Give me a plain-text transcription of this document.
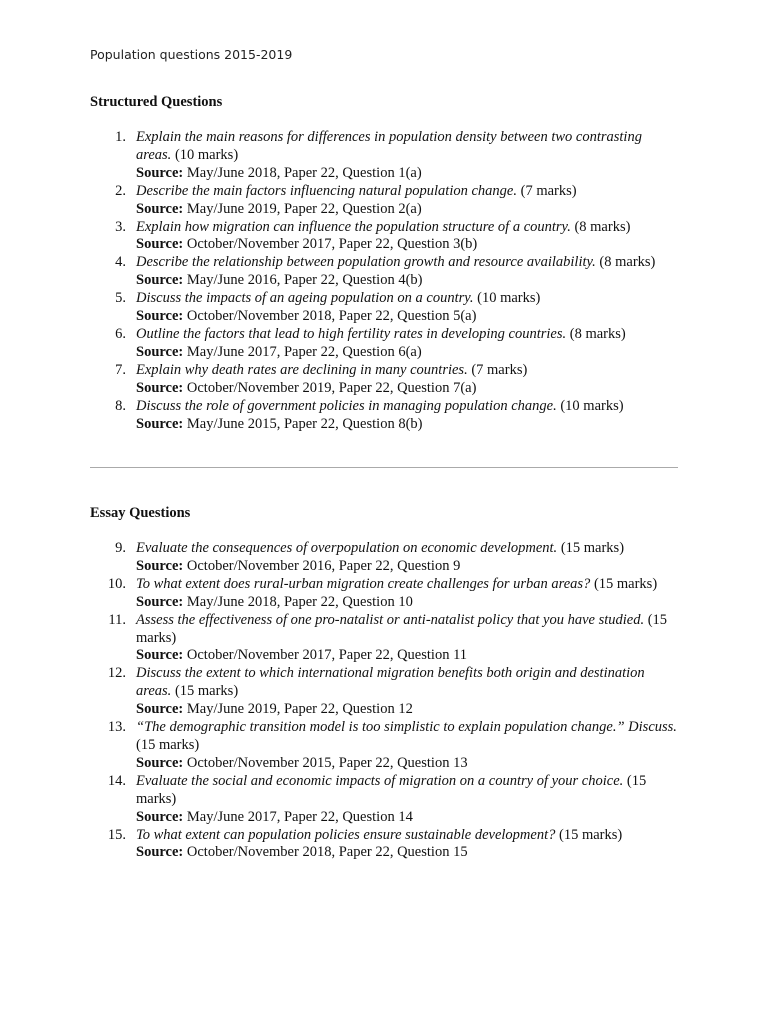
Population questions 2015-2019
Structured Questions
1. Explain the main reasons for differences in population density between two contrasting areas. (10 marks)
Source: May/June 2018, Paper 22, Question 1(a)
2. Describe the main factors influencing natural population change. (7 marks)
Source: May/June 2019, Paper 22, Question 2(a)
3. Explain how migration can influence the population structure of a country. (8 marks)
Source: October/November 2017, Paper 22, Question 3(b)
4. Describe the relationship between population growth and resource availability. (8 marks)
Source: May/June 2016, Paper 22, Question 4(b)
5. Discuss the impacts of an ageing population on a country. (10 marks)
Source: October/November 2018, Paper 22, Question 5(a)
6. Outline the factors that lead to high fertility rates in developing countries. (8 marks)
Source: May/June 2017, Paper 22, Question 6(a)
7. Explain why death rates are declining in many countries. (7 marks)
Source: October/November 2019, Paper 22, Question 7(a)
8. Discuss the role of government policies in managing population change. (10 marks)
Source: May/June 2015, Paper 22, Question 8(b)
Essay Questions
9. Evaluate the consequences of overpopulation on economic development. (15 marks)
Source: October/November 2016, Paper 22, Question 9
10. To what extent does rural-urban migration create challenges for urban areas? (15 marks)
Source: May/June 2018, Paper 22, Question 10
11. Assess the effectiveness of one pro-natalist or anti-natalist policy that you have studied. (15 marks)
Source: October/November 2017, Paper 22, Question 11
12. Discuss the extent to which international migration benefits both origin and destination areas. (15 marks)
Source: May/June 2019, Paper 22, Question 12
13. “The demographic transition model is too simplistic to explain population change.” Discuss. (15 marks)
Source: October/November 2015, Paper 22, Question 13
14. Evaluate the social and economic impacts of migration on a country of your choice. (15 marks)
Source: May/June 2017, Paper 22, Question 14
15. To what extent can population policies ensure sustainable development? (15 marks)
Source: October/November 2018, Paper 22, Question 15
